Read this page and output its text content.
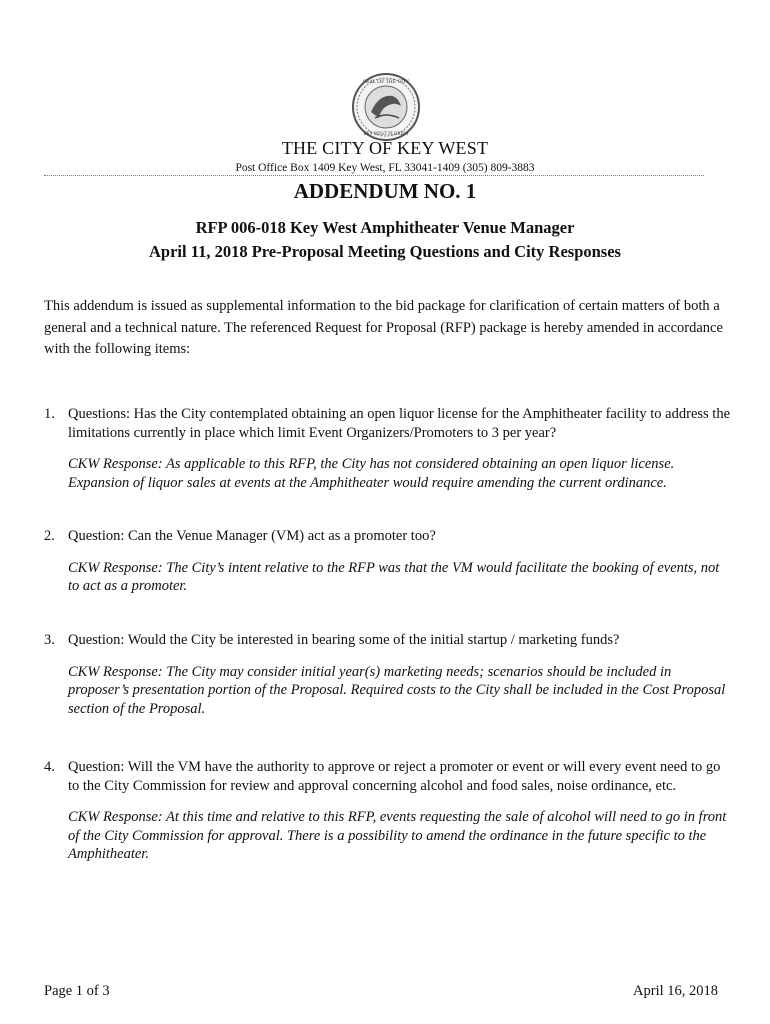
SEAL OF THE CITY
KEY WEST FLORIDA
THE CITY OF KEY WEST
Post Office Box 1409 Key West, FL 33041-1409 (305) 809-3883
ADDENDUM NO. 1
RFP 006-018 Key West Amphitheater Venue Manager
April 11, 2018 Pre-Proposal Meeting Questions and City Responses
This addendum is issued as supplemental information to the bid package for clarification of certain matters of both a general and a technical nature. The referenced Request for Proposal (RFP) package is hereby amended in accordance with the following items:
1. Questions: Has the City contemplated obtaining an open liquor license for the Amphitheater facility to address the limitations currently in place which limit Event Organizers/Promoters to 3 per year?
CKW Response: As applicable to this RFP, the City has not considered obtaining an open liquor license. Expansion of liquor sales at events at the Amphitheater would require amending the current ordinance.
2. Question: Can the Venue Manager (VM) act as a promoter too?
CKW Response: The City’s intent relative to the RFP was that the VM would facilitate the booking of events, not to act as a promoter.
3. Question: Would the City be interested in bearing some of the initial startup / marketing funds?
CKW Response: The City may consider initial year(s) marketing needs; scenarios should be included in proposer’s presentation portion of the Proposal. Required costs to the City shall be included in the Cost Proposal section of the Proposal.
4. Question: Will the VM have the authority to approve or reject a promoter or event or will every event need to go to the City Commission for review and approval concerning alcohol and food sales, noise ordinance, etc.
CKW Response: At this time and relative to this RFP, events requesting the sale of alcohol will need to go in front of the City Commission for approval. There is a possibility to amend the ordinance in the future specific to the Amphitheater.
Page 1 of 3	April 16, 2018
